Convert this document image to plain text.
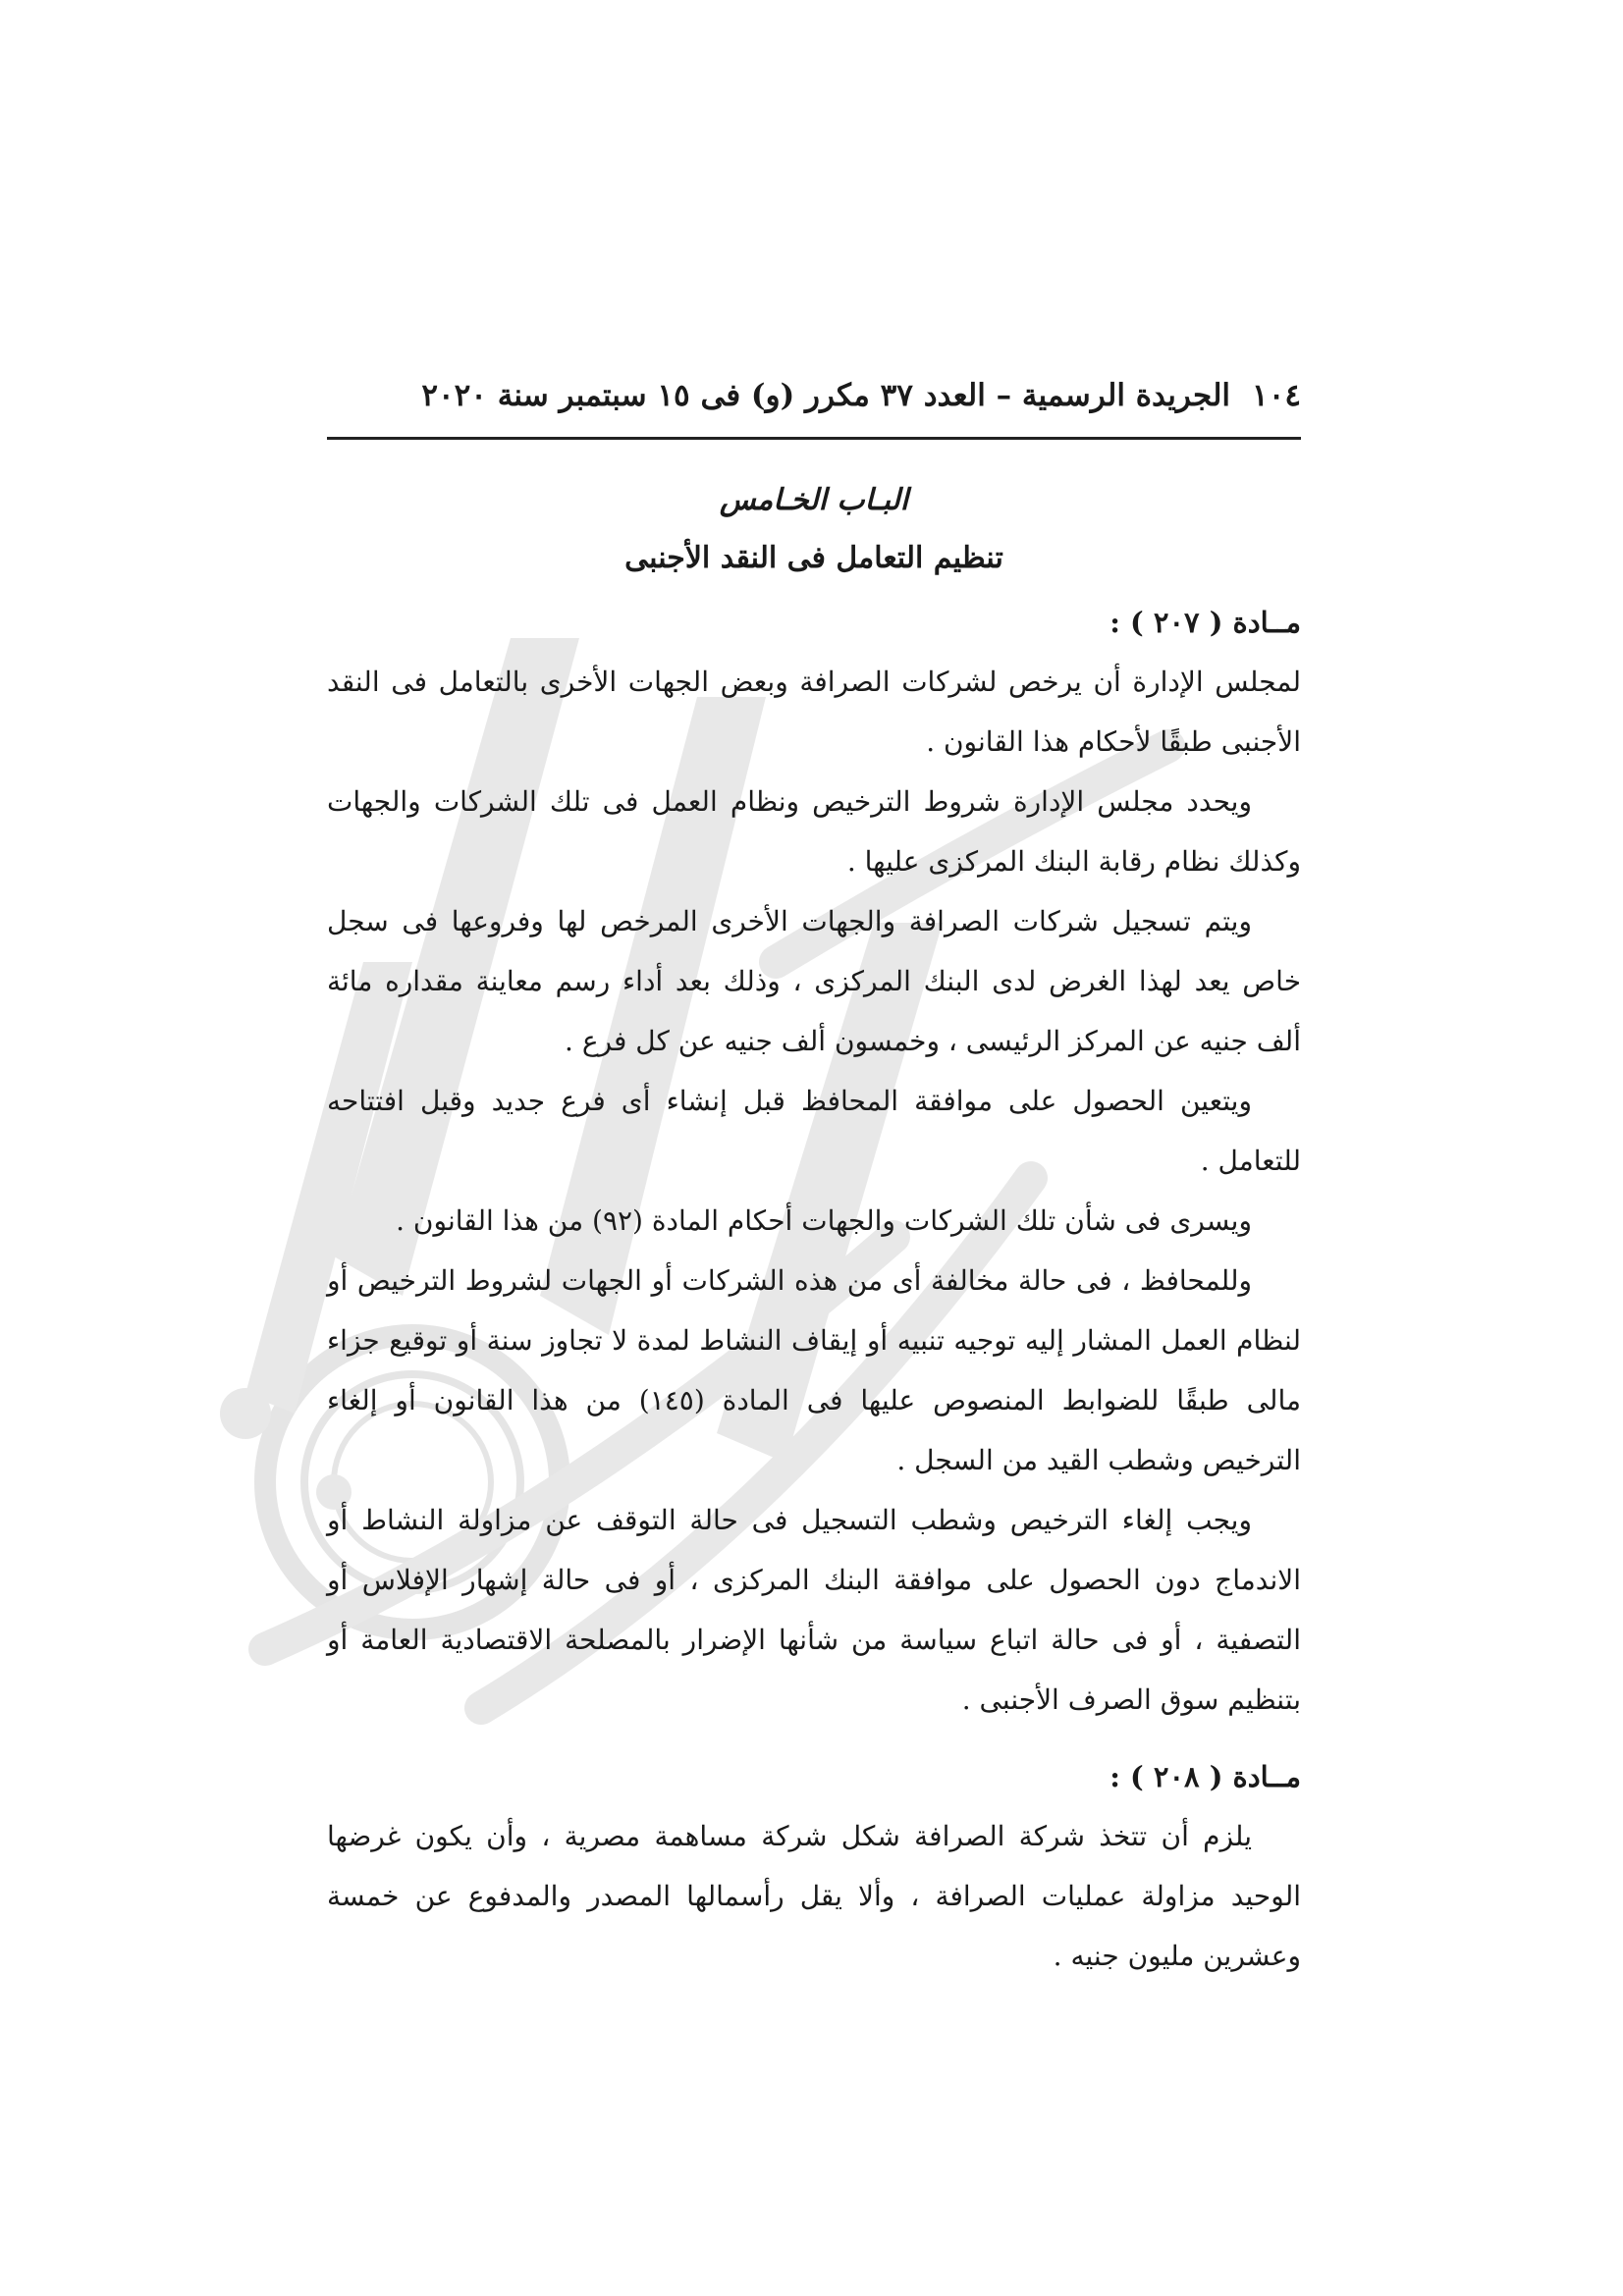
١٠٤
الجريدة الرسمية – العدد ٣٧ مكرر (و) فى ١٥ سبتمبر سنة ٢٠٢٠
البـاب الخـامس
تنظيم التعامل فى النقد الأجنبى
مــادة ( ٢٠٧ ) :

لمجلس الإدارة أن يرخص لشركات الصرافة وبعض الجهات الأخرى بالتعامل فى النقد الأجنبى طبقًا لأحكام هذا القانون .

ويحدد مجلس الإدارة شروط الترخيص ونظام العمل فى تلك الشركات والجهات وكذلك نظام رقابة البنك المركزى عليها .

ويتم تسجيل شركات الصرافة والجهات الأخرى المرخص لها وفروعها فى سجل خاص يعد لهذا الغرض لدى البنك المركزى ، وذلك بعد أداء رسم معاينة مقداره مائة ألف جنيه عن المركز الرئيسى ، وخمسون ألف جنيه عن كل فرع .

ويتعين الحصول على موافقة المحافظ قبل إنشاء أى فرع جديد وقبل افتتاحه للتعامل .

ويسرى فى شأن تلك الشركات والجهات أحكام المادة (٩٢) من هذا القانون .

وللمحافظ ، فى حالة مخالفة أى من هذه الشركات أو الجهات لشروط الترخيص أو لنظام العمل المشار إليه توجيه تنبيه أو إيقاف النشاط لمدة لا تجاوز سنة أو توقيع جزاء مالى طبقًا للضوابط المنصوص عليها فى المادة (١٤٥) من هذا القانون أو إلغاء الترخيص وشطب القيد من السجل .

ويجب إلغاء الترخيص وشطب التسجيل فى حالة التوقف عن مزاولة النشاط أو الاندماج دون الحصول على موافقة البنك المركزى ، أو فى حالة إشهار الإفلاس أو التصفية ، أو فى حالة اتباع سياسة من شأنها الإضرار بالمصلحة الاقتصادية العامة أو بتنظيم سوق الصرف الأجنبى .

مــادة ( ٢٠٨ ) :

يلزم أن تتخذ شركة الصرافة شكل شركة مساهمة مصرية ، وأن يكون غرضها الوحيد مزاولة عمليات الصرافة ، وألا يقل رأسمالها المصدر والمدفوع عن خمسة وعشرين مليون جنيه .
